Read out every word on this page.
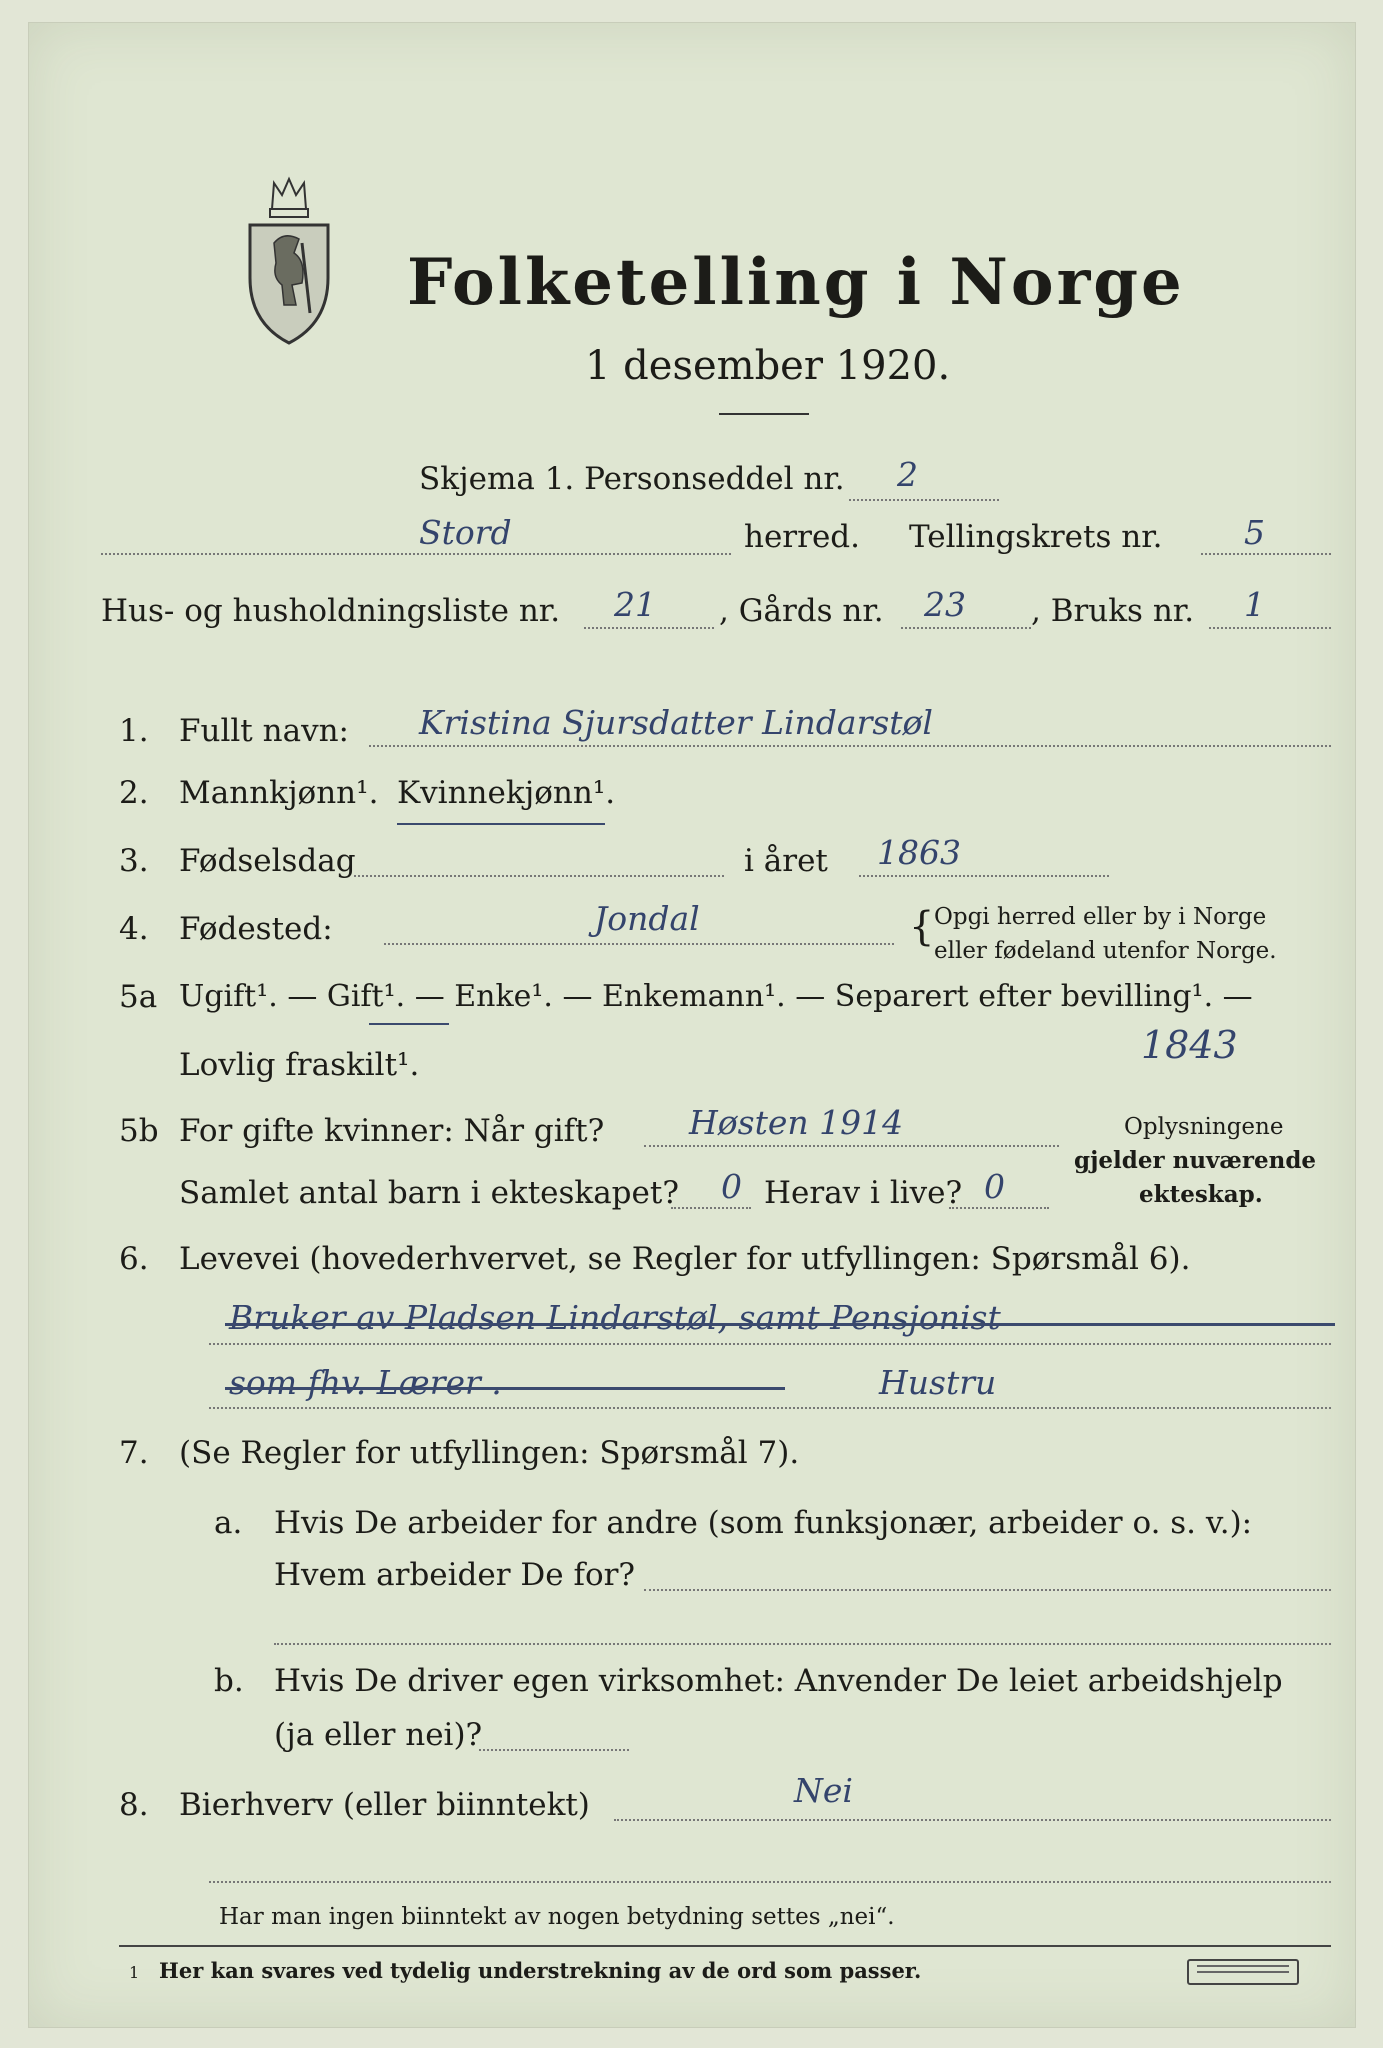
Folketelling i Norge
1 desember 1920.
Skjema 1. Personseddel nr. 2
Stord	herred. Tellingskrets nr. 5
Hus- og husholdningsliste nr. 21 , Gårds nr. 23 , Bruks nr. 1
1. Fullt navn: Kristina Sjursdatter Lindarstøl
2. Mannkjønn¹. Kvinnekjønn¹.
3. Fødselsdag	i året 1863
4. Fødested:	Jondal	{ Opgi herred eller by i Norge
eller fødeland utenfor Norge.
5a Ugift¹. — Gift¹. — Enke¹. — Enkemann¹. — Separert efter bevilling¹. —
1843
Lovlig fraskilt¹.
5b For gifte kvinner: Når gift?	Høsten 1914
Samlet antal barn i ekteskapet? 0 Herav i live? 0
Oplysningene
gjelder nuværende
ekteskap.
6. Levevei (hovederhvervet, se Regler for utfyllingen: Spørsmål 6).
Bruker av Pladsen Lindarstøl, samt Pensjonist
som fhv. Lærer .	Hustru
7. (Se Regler for utfyllingen: Spørsmål 7).
a. Hvis De arbeider for andre (som funksjonær, arbeider o. s. v.):
Hvem arbeider De for?
b. Hvis De driver egen virksomhet: Anvender De leiet arbeidshjelp
(ja eller nei)?
8. Bierhverv (eller biinntekt)	Nei
Har man ingen biinntekt av nogen betydning settes „nei“.
1 Her kan svares ved tydelig understrekning av de ord som passer.
